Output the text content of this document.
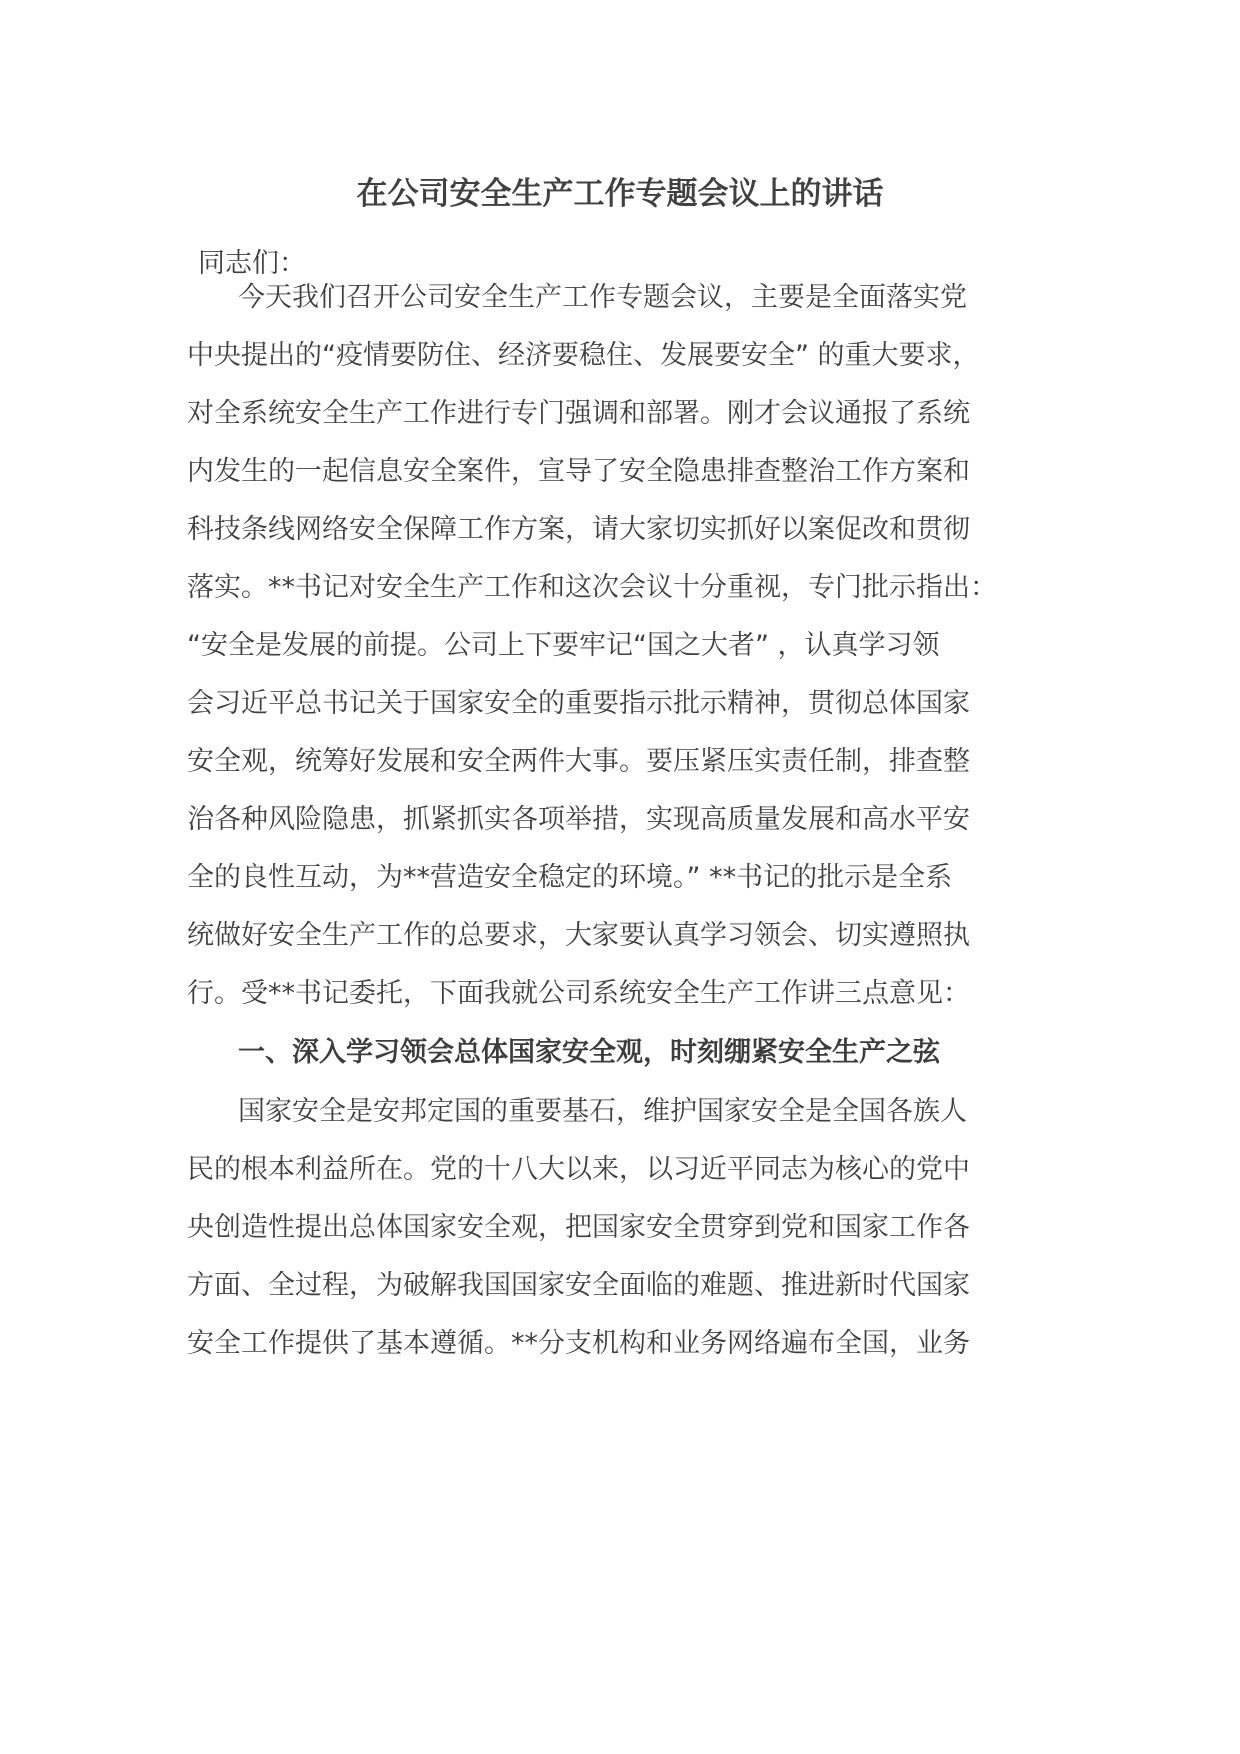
在公司安全生产工作专题会议上的讲话
同志们：
今天我们召开公司安全生产工作专题会议，主要是全面落实党
中央提出的“疫情要防住、经济要稳住、发展要安全” 的重大要求，
对全系统安全生产工作进行专门强调和部署。刚才会议通报了系统
内发生的一起信息安全案件，宣导了安全隐患排查整治工作方案和
科技条线网络安全保障工作方案，请大家切实抓好以案促改和贯彻
落实。**书记对安全生产工作和这次会议十分重视，专门批示指出：
“安全是发展的前提。公司上下要牢记“国之大者” ，认真学习领
会习近平总书记关于国家安全的重要指示批示精神，贯彻总体国家
安全观，统筹好发展和安全两件大事。要压紧压实责任制，排查整
治各种风险隐患，抓紧抓实各项举措，实现高质量发展和高水平安
全的良性互动，为**营造安全稳定的环境。” **书记的批示是全系
统做好安全生产工作的总要求，大家要认真学习领会、切实遵照执
行。受**书记委托，下面我就公司系统安全生产工作讲三点意见：
一、深入学习领会总体国家安全观，时刻绷紧安全生产之弦
国家安全是安邦定国的重要基石，维护国家安全是全国各族人
民的根本利益所在。党的十八大以来，以习近平同志为核心的党中
央创造性提出总体国家安全观，把国家安全贯穿到党和国家工作各
方面、全过程，为破解我国国家安全面临的难题、推进新时代国家
安全工作提供了基本遵循。**分支机构和业务网络遍布全国，业务
